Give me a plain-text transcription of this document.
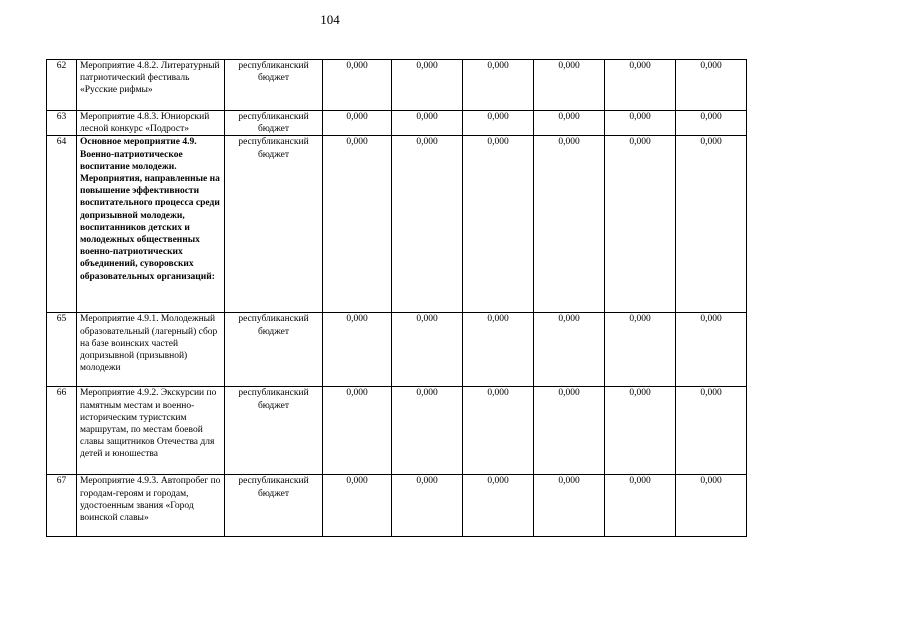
104
62	Мероприятие 4.8.2. Литературный патриотический фестиваль «Русские рифмы»	республиканский бюджет	0,000	0,000	0,000	0,000	0,000	0,000
63	Мероприятие 4.8.3. Юниорский лесной конкурс «Подрост»	республиканский бюджет	0,000	0,000	0,000	0,000	0,000	0,000
64	Основное мероприятие 4.9. Военно-патриотическое воспитание молодежи. Мероприятия, направленные на повышение эффективности воспитательного процесса среди допризывной молодежи, воспитанников детских и молодежных общественных военно-патриотических объединений, суворовских образовательных организаций:	республиканский бюджет	0,000	0,000	0,000	0,000	0,000	0,000
65	Мероприятие 4.9.1. Молодежный образовательный (лагерный) сбор на базе воинских частей допризывной (призывной) молодежи	республиканский бюджет	0,000	0,000	0,000	0,000	0,000	0,000
66	Мероприятие 4.9.2. Экскурсии по памятным местам и военно-историческим туристским маршрутам, по местам боевой славы защитников Отечества для детей и юношества	республиканский бюджет	0,000	0,000	0,000	0,000	0,000	0,000
67	Мероприятие 4.9.3. Автопробег по городам-героям и городам, удостоенным звания «Город воинской славы»	республиканский бюджет	0,000	0,000	0,000	0,000	0,000	0,000
